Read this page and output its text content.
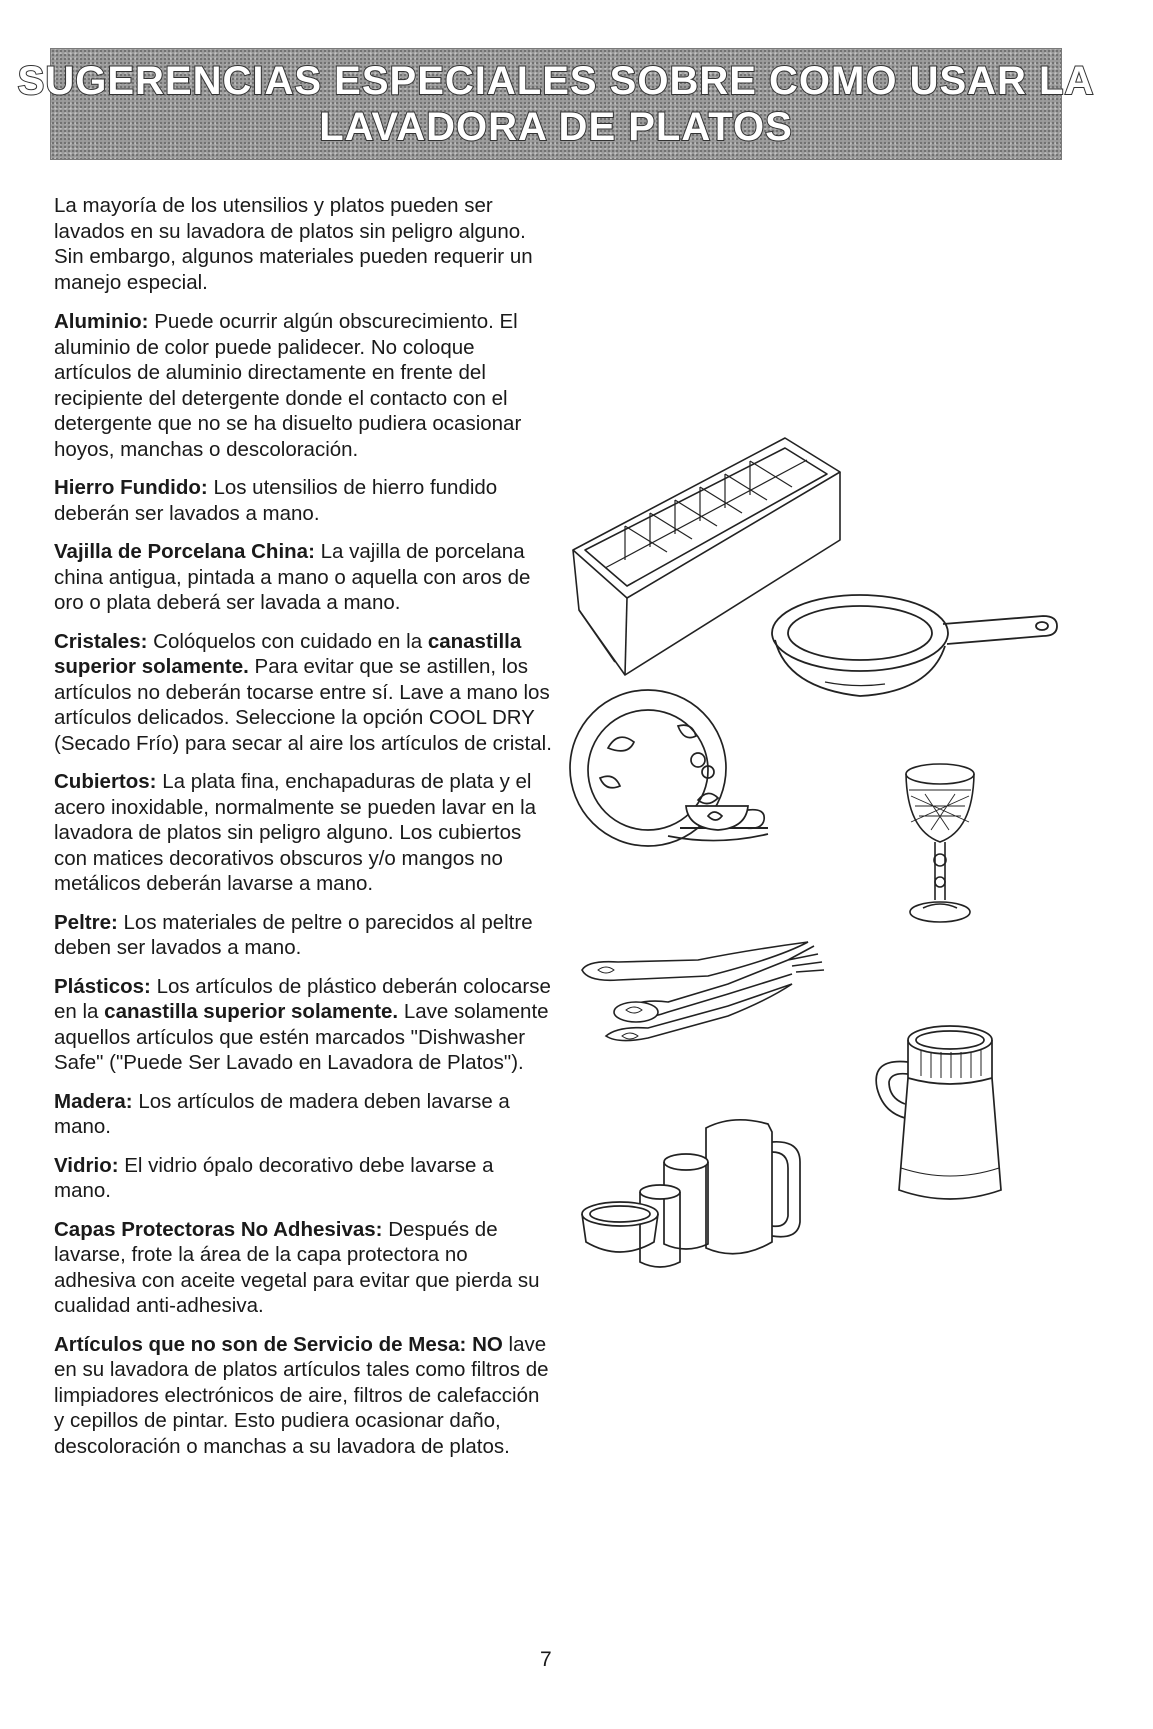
SUGERENCIAS ESPECIALES SOBRE COMO USAR LA
LAVADORA DE PLATOS

La mayoría de los utensilios y platos pueden ser lavados en su lavadora de platos sin peligro alguno. Sin embargo, algunos materiales pueden requerir un manejo especial.

Aluminio: Puede ocurrir algún obscurecimiento. El aluminio de color puede palidecer. No coloque artículos de aluminio directamente en frente del recipiente del detergente donde el contacto con el detergente que no se ha disuelto pudiera ocasionar hoyos, manchas o descoloración.

Hierro Fundido: Los utensilios de hierro fundido deberán ser lavados a mano.

Vajilla de Porcelana China: La vajilla de porcelana china antigua, pintada a mano o aquella con aros de oro o plata deberá ser lavada a mano.

Cristales: Colóquelos con cuidado en la canastilla superior solamente. Para evitar que se astillen, los artículos no deberán tocarse entre sí. Lave a mano los artículos delicados. Seleccione la opción COOL DRY (Secado Frío) para secar al aire los artículos de cristal.

Cubiertos: La plata fina, enchapaduras de plata y el acero inoxidable, normalmente se pueden lavar en la lavadora de platos sin peligro alguno. Los cubiertos con matices decorativos obscuros y/o mangos no metálicos deberán lavarse a mano.

Peltre: Los materiales de peltre o parecidos al peltre deben ser lavados a mano.

Plásticos: Los artículos de plástico deberán colocarse en la canastilla superior solamente. Lave solamente aquellos artículos que estén marcados "Dishwasher Safe" ("Puede Ser Lavado en Lavadora de Platos").

Madera: Los artículos de madera deben lavarse a mano.

Vidrio: El vidrio ópalo decorativo debe lavarse a mano.

Capas Protectoras No Adhesivas: Después de lavarse, frote la área de la capa protectora no adhesiva con aceite vegetal para evitar que pierda su cualidad anti-adhesiva.

Artículos que no son de Servicio de Mesa: NO lave en su lavadora de platos artículos tales como filtros de limpiadores electrónicos de aire, filtros de calefacción y cepillos de pintar. Esto pudiera ocasionar daño, descoloración o manchas a su lavadora de platos.

7
